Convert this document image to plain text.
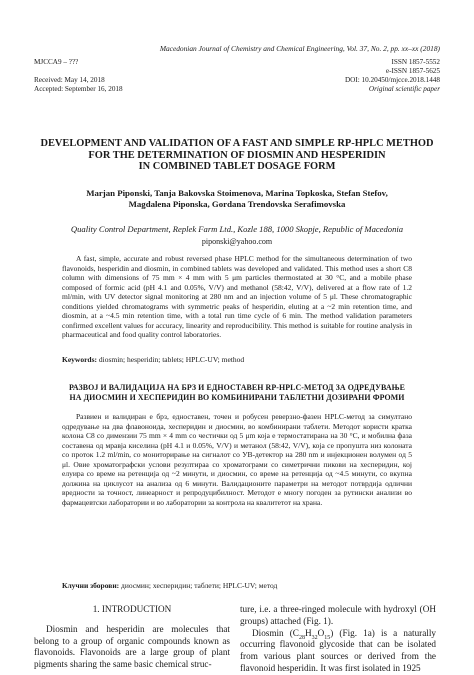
Macedonian Journal of Chemistry and Chemical Engineering, Vol. 37, No. 2, pp. xx–xx (2018)
MJCCA9 – ???	ISSN 1857-5552
e-ISSN 1857-5625
Received: May 14, 2018
Accepted: September 16, 2018
DOI: 10.20450/mjcce.2018.1448
Original scientific paper
DEVELOPMENT AND VALIDATION OF A FAST AND SIMPLE RP-HPLC METHOD
FOR THE DETERMINATION OF DIOSMIN AND HESPERIDIN
IN COMBINED TABLET DOSAGE FORM
Marjan Piponski, Tanja Bakovska Stoimenova, Marina Topkoska, Stefan Stefov,
Magdalena Piponska, Gordana Trendovska Serafimovska
Quality Control Department, Replek Farm Ltd., Kozle 188, 1000 Skopje, Republic of Macedonia
piponski@yahoo.com

A fast, simple, accurate and robust reversed phase HPLC method for the simultaneous determination of two flavonoids, hesperidin and diosmin, in combined tablets was developed and validated. This method uses a short C8 column with dimensions of 75 mm × 4 mm with 5 μm particles thermostated at 30 °C, and a mobile phase composed of formic acid (pH 4.1 and 0.05%, V/V) and methanol (58:42, V/V), delivered at a flow rate of 1.2 ml/min, with UV detector signal monitoring at 280 nm and an injection volume of 5 μl. These chromatographic conditions yielded chromatograms with symmetric peaks of hesperidin, eluting at a ~2 min retention time, and diosmin, at a ~4.5 min retention time, with a total run time cycle of 6 min. The method validation parameters confirmed excellent values for accuracy, linearity and reproducibility. This method is suitable for routine analysis in pharmaceutical and food quality control laboratories.

Keywords: diosmin; hesperidin; tablets; HPLC-UV; method
РАЗВОЈ И ВАЛИДАЦИЈА НА БРЗ И ЕДНОСТАВЕН RP-HPLC-МЕТОД ЗА ОДРЕДУВАЊЕ
НА ДИОСМИН И ХЕСПЕРИДИН ВО КОМБИНИРАНИ ТАБЛЕТНИ ДОЗИРАНИ ФРОМИ

Развиен и валидиран е брз, едноставен, точен и робусен реверзно-фазен HPLC-метод за симултано одредување на два флавоноида, хесперидин и диосмин, во комбинирани таблети. Методот користи кратка колона C8 со димензии 75 mm × 4 mm со честички од 5 μm која е термостатирана на 30 °C, и мобилна фаза составена од мравја киселина (pH 4.1 и 0.05%, V/V) и метанол (58:42, V/V), која се пропушта низ колоната со проток 1.2 ml/min, со мониторирање на сигналот со УВ-детектор на 280 nm и инјекционен волумен од 5 μl. Овие хроматографски услови резултираа со хроматограми со симетрични пикови на хесперидин, кој елуира со време на ретенција од ~2 минути, и диосмин, со време на ретенција од ~4.5 минути, со вкупна должина на циклусот на анализа од 6 минути. Валидационите параметри на методот потврдија одлични вредности за точност, линеарност и репродуцибилност. Методот е многу погоден за рутински анализи во фармацевтски лаборатории и во лаборатории за контрола на квалитетот на храна.

Клучни зборови: диосмин; хесперидин; таблети; HPLC-UV; метод

1. INTRODUCTION

Diosmin and hesperidin are molecules that belong to a group of organic compounds known as flavonoids. Flavonoids are a large group of plant pigments sharing the same basic chemical struc-

ture, i.e. a three-ringed molecule with hydroxyl (OH groups) attached (Fig. 1).

Diosmin $(C_{28}H_{32}O_{15})$ (Fig. 1a) is a naturally occurring flavonoid glycoside that can be isolated from various plant sources or derived from the flavonoid hesperidin. It was first isolated in 1925
